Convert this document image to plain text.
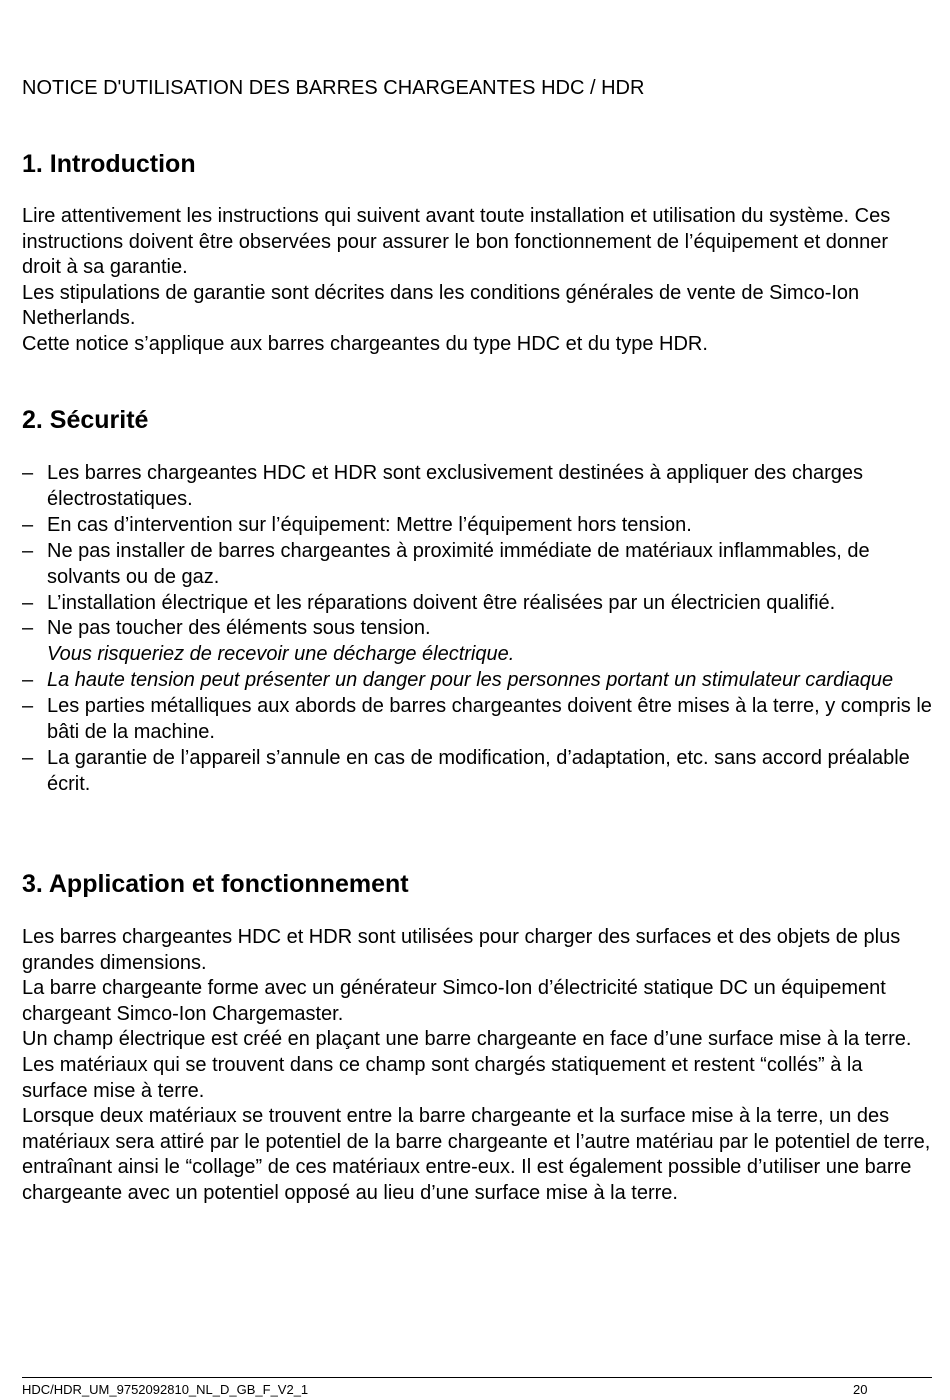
NOTICE D'UTILISATION DES BARRES CHARGEANTES HDC / HDR
1. Introduction

Lire attentivement les instructions qui suivent avant toute installation et utilisation du système. Ces instructions doivent être observées pour assurer le bon fonctionnement de l’équipement et donner droit à sa garantie.

Les stipulations de garantie sont décrites dans les conditions générales de vente de Simco-Ion Netherlands.

Cette notice s’applique aux barres chargeantes du type HDC et du type HDR.

2. Sécurité
– Les barres chargeantes HDC et HDR sont exclusivement destinées à appliquer des charges électrostatiques.
– En cas d’intervention sur l’équipement: Mettre l’équipement hors tension.
– Ne pas installer de barres chargeantes à proximité immédiate de matériaux inflammables, de solvants ou de gaz.
– L’installation électrique et les réparations doivent être réalisées par un électricien qualifié.
– Ne pas toucher des éléments sous tension.
Vous risqueriez de recevoir une décharge électrique.
– La haute tension peut présenter un danger pour les personnes portant un stimulateur cardiaque
– Les parties métalliques aux abords de barres chargeantes doivent être mises à la terre, y compris le bâti de la machine.
– La garantie de l’appareil s’annule en cas de modification, d’adaptation, etc. sans accord préalable écrit.
3. Application et fonctionnement

Les barres chargeantes HDC et HDR sont utilisées pour charger des surfaces et des objets de plus grandes dimensions.

La barre chargeante forme avec un générateur Simco-Ion d’électricité statique DC un équipement chargeant Simco-Ion Chargemaster.

Un champ électrique est créé en plaçant une barre chargeante en face d’une surface mise à la terre. Les matériaux qui se trouvent dans ce champ sont chargés statiquement et restent “collés” à la surface mise à terre.

Lorsque deux matériaux se trouvent entre la barre chargeante et la surface mise à la terre, un des matériaux sera attiré par le potentiel de la barre chargeante et l’autre matériau par le potentiel de terre, entraînant ainsi le “collage” de ces matériaux entre-eux. Il est également possible d’utiliser une barre chargeante avec un potentiel opposé au lieu d’une surface mise à la terre.

HDC/HDR_UM_9752092810_NL_D_GB_F_V2_1	20
